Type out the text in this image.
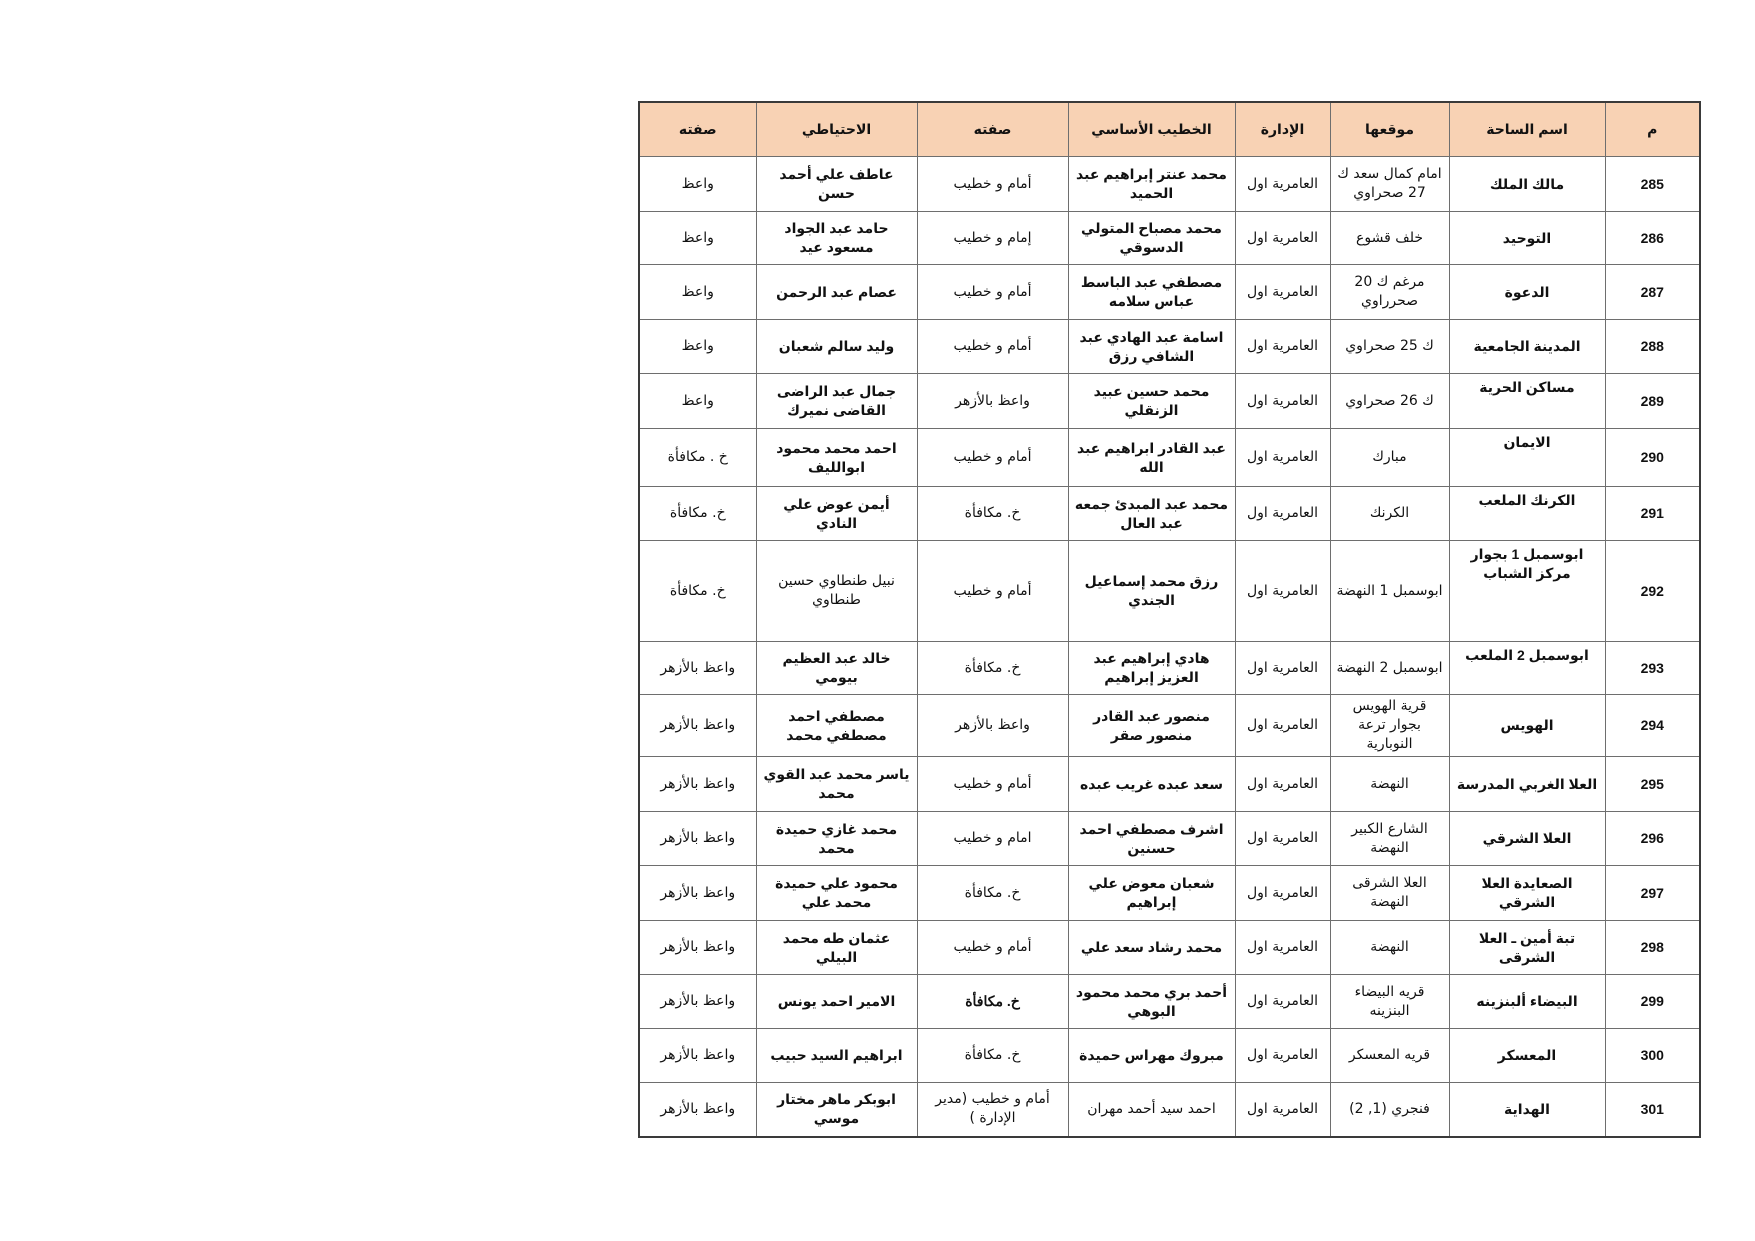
م	اسم الساحة	موقعها	الإدارة	الخطيب الأساسي	صفته	الاحتياطي	صفته
285	مالك الملك	امام كمال سعد ك 27 صحراوي	العامرية اول	محمد عنتر إبراهيم عبد الحميد	أمام و خطيب	عاطف علي أحمد حسن	واعظ
286	التوحيد	خلف قشوع	العامرية اول	محمد مصباح المتولي الدسوقي	إمام و خطيب	حامد عبد الجواد مسعود عيد	واعظ
287	الدعوة	مرغم ك 20 صحرراوي	العامرية اول	مصطفي عبد الباسط عباس سلامه	أمام و خطيب	عصام عبد الرحمن	واعظ
288	المدينة الجامعية	ك 25 صحراوي	العامرية اول	اسامة عبد الهادي عبد الشافي رزق	أمام و خطيب	وليد سالم شعبان	واعظ
289	مساكن الحرية	ك 26 صحراوي	العامرية اول	محمد حسين عبيد الزنقلي	واعظ بالأزهر	جمال عبد الراضى القاضى نميرك	واعظ
290	الايمان	مبارك	العامرية اول	عبد القادر ابراهيم عبد الله	أمام و خطيب	احمد محمد محمود ابوالليف	خ . مكافأة
291	الكرنك الملعب	الكرنك	العامرية اول	محمد عبد المبدئ جمعه عبد العال	خ. مكافأة	أيمن عوض علي النادي	خ. مكافأة
292	ابوسمبل 1 بجوار مركز الشباب	ابوسمبل 1 النهضة	العامرية اول	رزق محمد إسماعيل الجندي	أمام و خطيب	نبيل طنطاوي حسين طنطاوي	خ. مكافأة
293	ابوسمبل 2 الملعب	ابوسمبل 2 النهضة	العامرية اول	هادي إبراهيم عبد العزيز إبراهيم	خ. مكافأة	خالد عبد العظيم بيومي	واعظ بالأزهر
294	الهويس	قرية الهويس بجوار ترعة النوبارية	العامرية اول	منصور عبد القادر منصور صقر	واعظ بالأزهر	مصطفي احمد مصطفي محمد	واعظ بالأزهر
295	العلا الغربي المدرسة	النهضة	العامرية اول	سعد عبده غريب عبده	أمام و خطيب	ياسر محمد عبد القوي محمد	واعظ بالأزهر
296	العلا الشرقي	الشارع الكبير النهضة	العامرية اول	اشرف مصطفي احمد حسنين	امام و خطيب	محمد غازي حميدة محمد	واعظ بالأزهر
297	الصعايدة العلا الشرقي	العلا الشرقى النهضة	العامرية اول	شعبان معوض علي إبراهيم	خ. مكافأة	محمود علي حميدة محمد علي	واعظ بالأزهر
298	تبة أمين ـ العلا الشرقى	النهضة	العامرية اول	محمد رشاد سعد علي	أمام و خطيب	عثمان طه محمد البيلي	واعظ بالأزهر
299	البيضاء ألبنزينه	قريه البيضاء البنزينه	العامرية اول	أحمد بري محمد محمود البوهي	خ. مكافأة	الامير احمد يونس	واعظ بالأزهر
300	المعسكر	قريه المعسكر	العامرية اول	مبروك مهراس حميدة	خ. مكافأة	ابراهيم السيد حبيب	واعظ بالأزهر
301	الهداية	فنجري (1, 2)	العامرية اول	احمد سيد أحمد مهران	أمام و خطيب (مدير الإدارة )	ابوبكر ماهر مختار موسي	واعظ بالأزهر
